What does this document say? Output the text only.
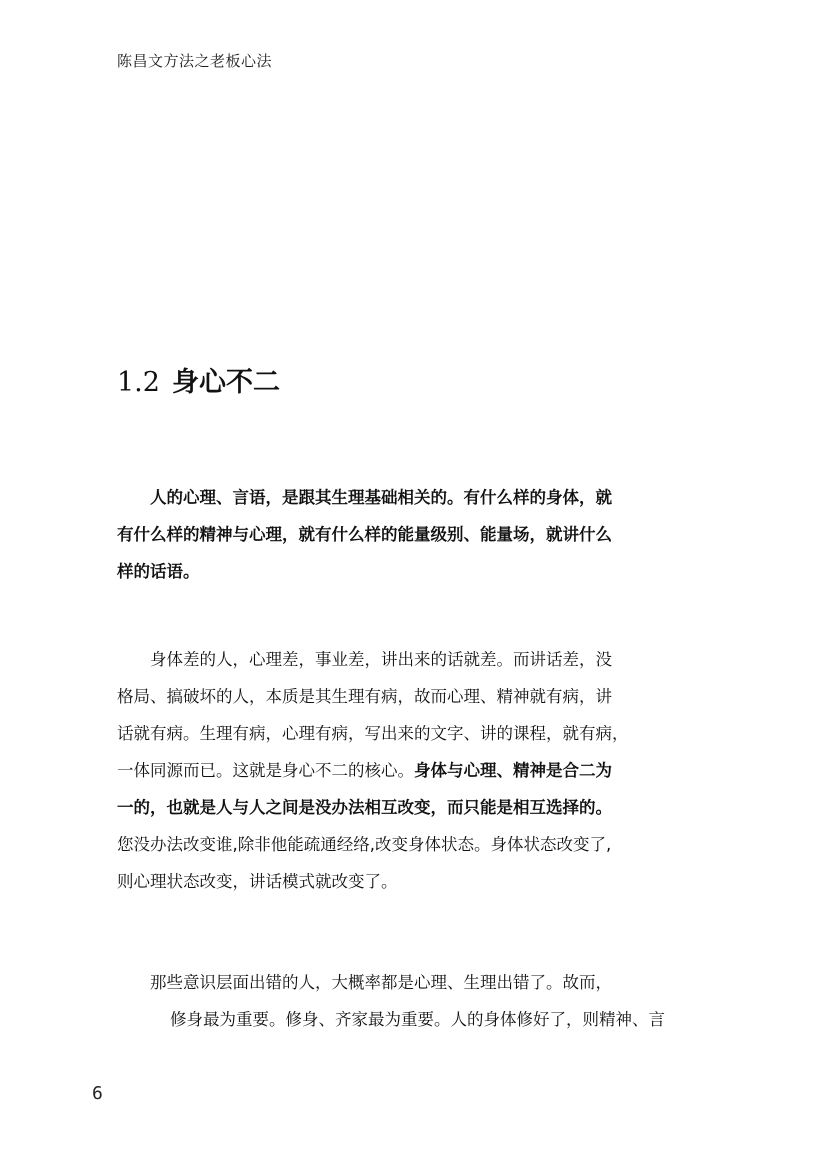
陈昌文方法之老板心法
1.2 身心不二
人的心理、言语，是跟其生理基础相关的。有什么样的身体，就
有什么样的精神与心理，就有什么样的能量级别、能量场，就讲什么
样的话语。
身体差的人，心理差，事业差，讲出来的话就差。而讲话差，没
格局、搞破坏的人，本质是其生理有病，故而心理、精神就有病，讲
话就有病。生理有病，心理有病，写出来的文字、讲的课程，就有病，
一体同源而已。这就是身心不二的核心。身体与心理、精神是合二为
一的，也就是人与人之间是没办法相互改变，而只能是相互选择的。
您没办法改变谁,除非他能疏通经络,改变身体状态。身体状态改变了,
则心理状态改变，讲话模式就改变了。
那些意识层面出错的人，大概率都是心理、生理出错了。故而，
修身最为重要。修身、齐家最为重要。人的身体修好了，则精神、言
6
